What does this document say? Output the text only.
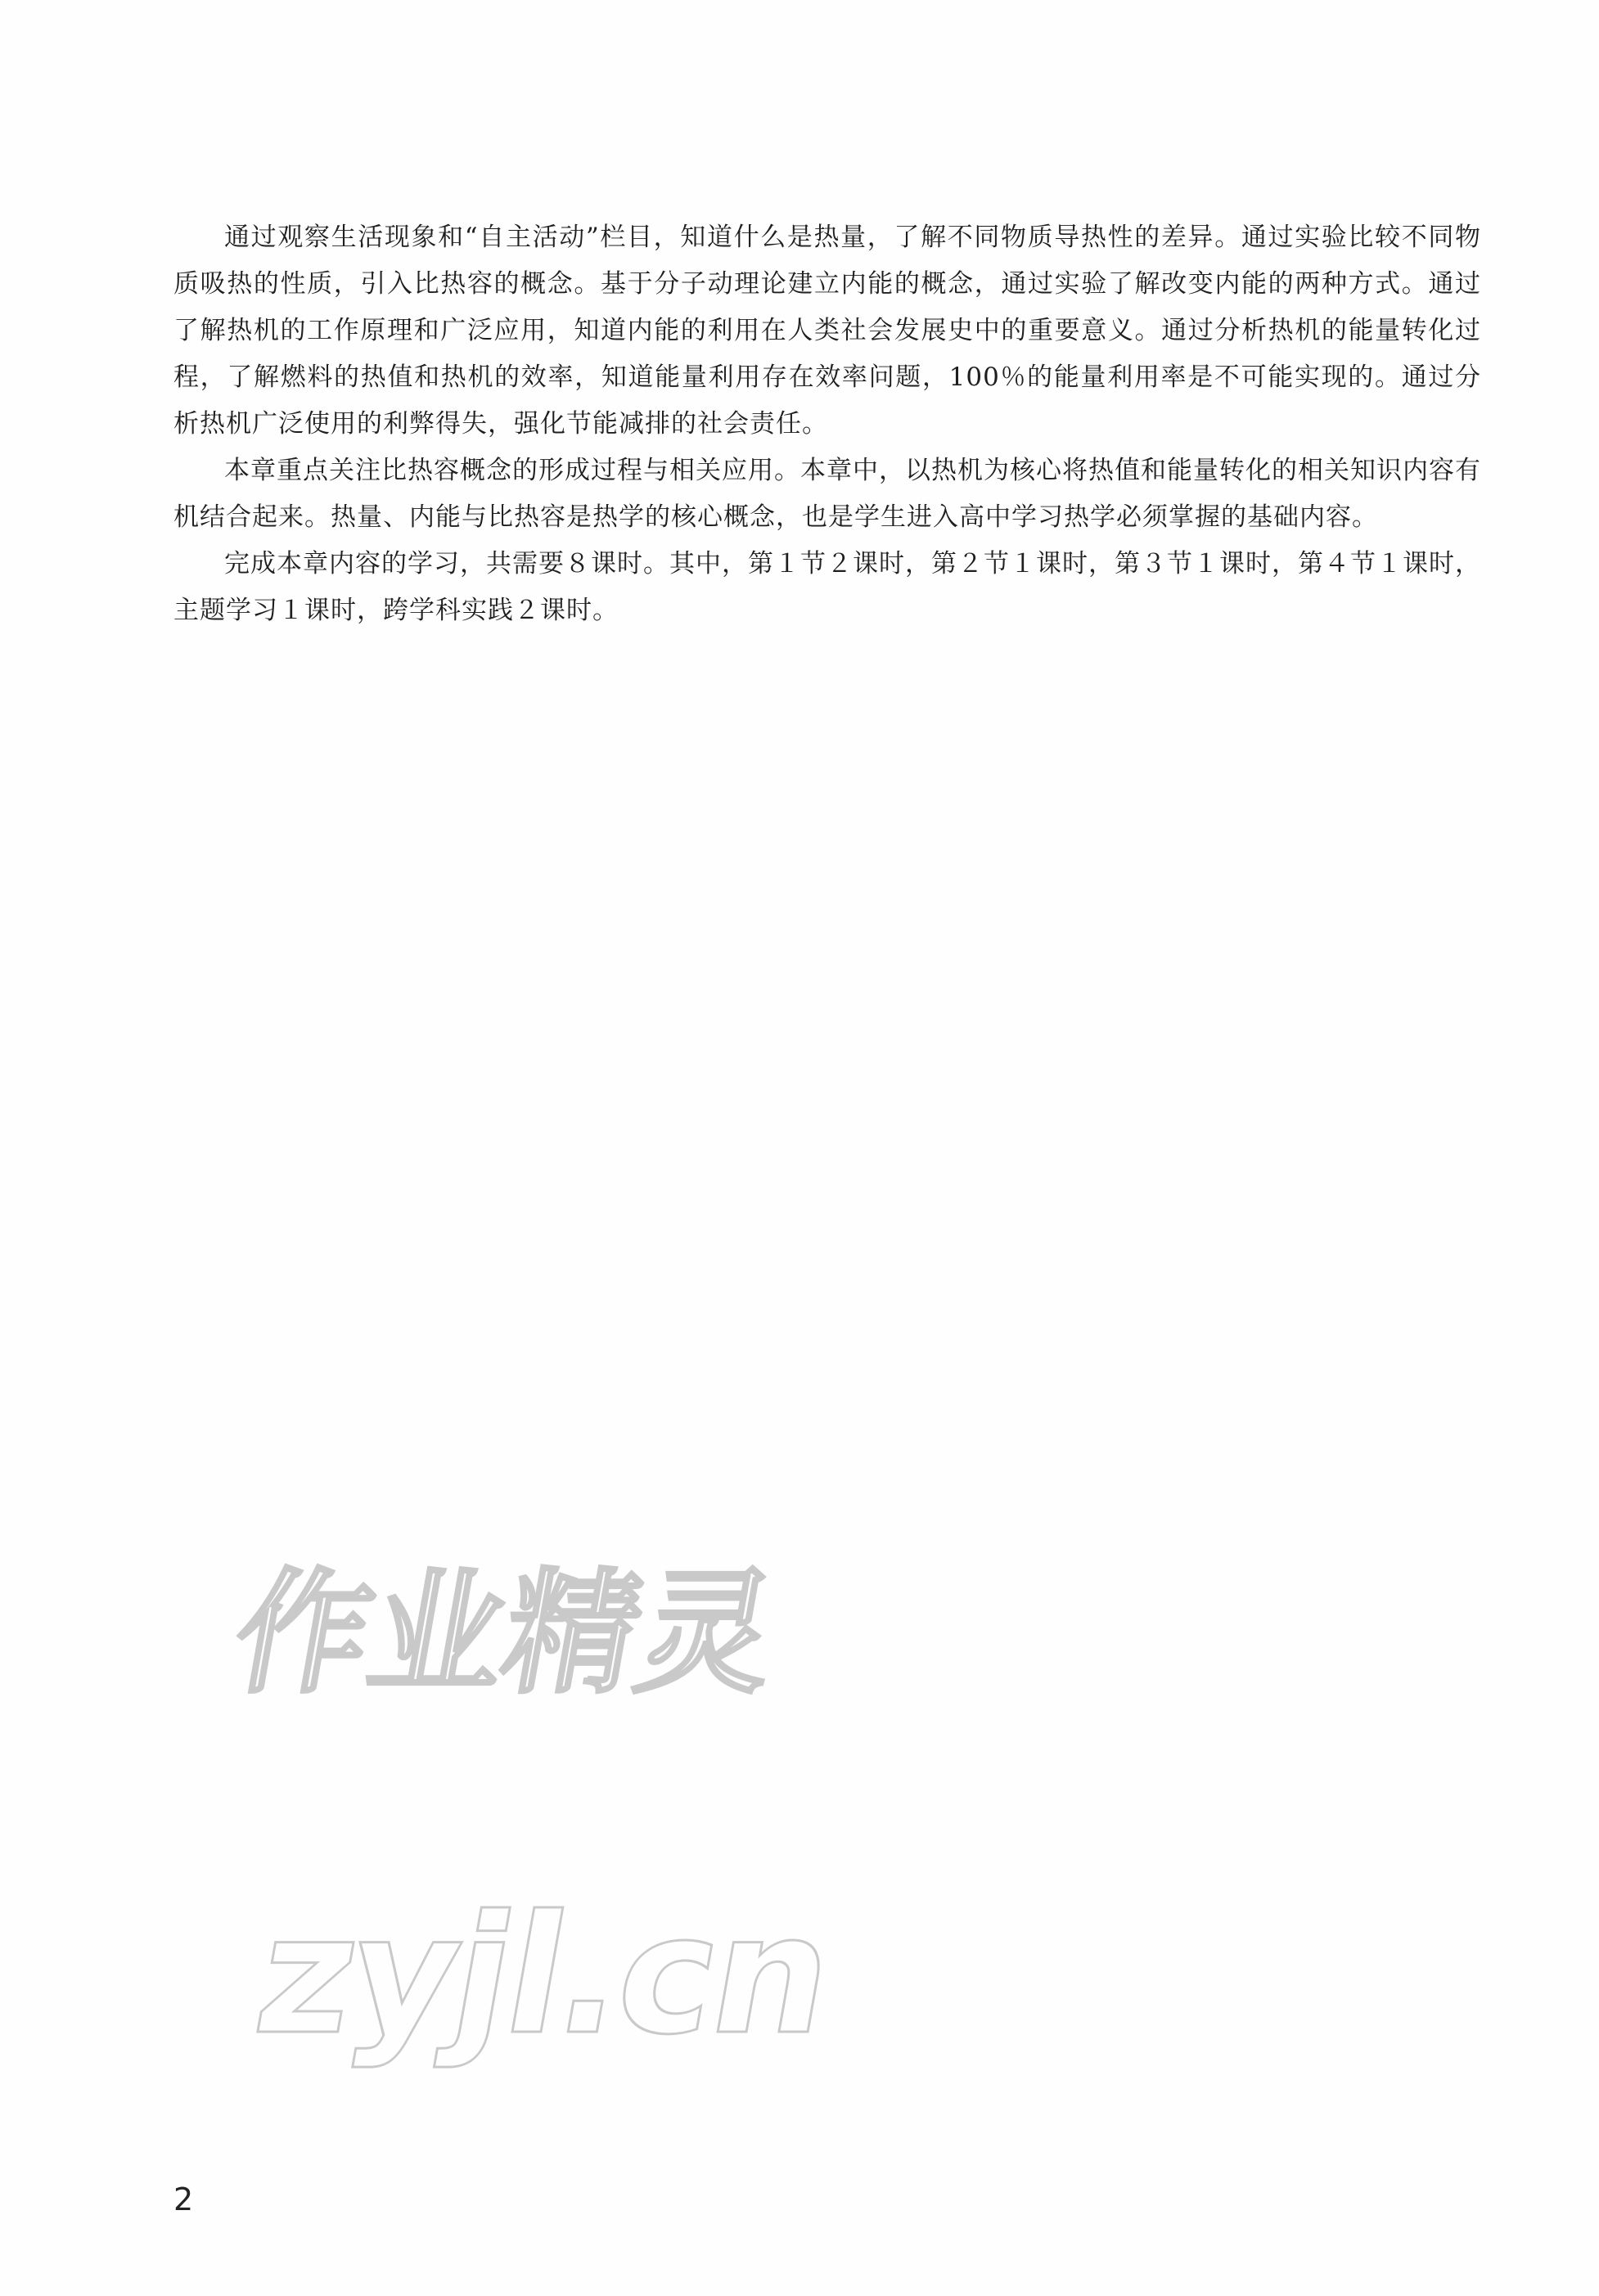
通过观察生活现象和“自主活动”栏目，知道什么是热量，了解不同物质导热性的差异。通过实验比较不同物质吸热的性质，引入比热容的概念。基于分子动理论建立内能的概念，通过实验了解改变内能的两种方式。通过了解热机的工作原理和广泛应用，知道内能的利用在人类社会发展史中的重要意义。通过分析热机的能量转化过程，了解燃料的热值和热机的效率，知道能量利用存在效率问题，100％的能量利用率是不可能实现的。通过分析热机广泛使用的利弊得失，强化节能减排的社会责任。

本章重点关注比热容概念的形成过程与相关应用。本章中，以热机为核心将热值和能量转化的相关知识内容有机结合起来。热量、内能与比热容是热学的核心概念，也是学生进入高中学习热学必须掌握的基础内容。

完成本章内容的学习，共需要８课时。其中，第１节２课时，第２节１课时，第３节１课时，第４节１课时，主题学习１课时，跨学科实践２课时。

作业精灵
zyjl.cn
2
